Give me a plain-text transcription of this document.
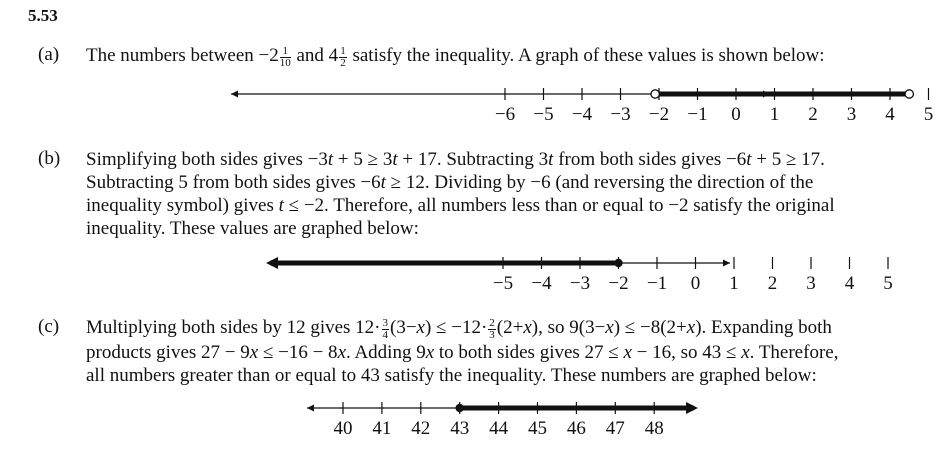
5.53
(a) The numbers between $-2 \frac{1}{10}$ and $4 \frac{1}{2}$ satisfy the inequality. A graph of these values is shown below:
−6 −5 −4 −3 −2 −1 0 1 2 3 4 5
(b) Simplifying both sides gives −3t + 5 ≥ 3t + 17. Subtracting 3t from both sides gives −6t + 5 ≥ 17.
Subtracting 5 from both sides gives −6t ≥ 12. Dividing by −6 (and reversing the direction of the
inequality symbol) gives t ≤ −2. Therefore, all numbers less than or equal to −2 satisfy the original
inequality. These values are graphed below:
−5 −4 −3 −2 −1 0 1 2 3 4 5
(c) Multiplying both sides by 12 gives $12\cdot \frac{3}{4} (3-x) \le -12\cdot \frac{2}{3} (2+x)$, so 9(3−x) ≤ −8(2+x). Expanding both
products gives 27 − 9x ≤ −16 − 8x. Adding 9x to both sides gives 27 ≤ x − 16, so 43 ≤ x. Therefore,
all numbers greater than or equal to 43 satisfy the inequality. These numbers are graphed below:
40 41 42 43 44 45 46 47 48
